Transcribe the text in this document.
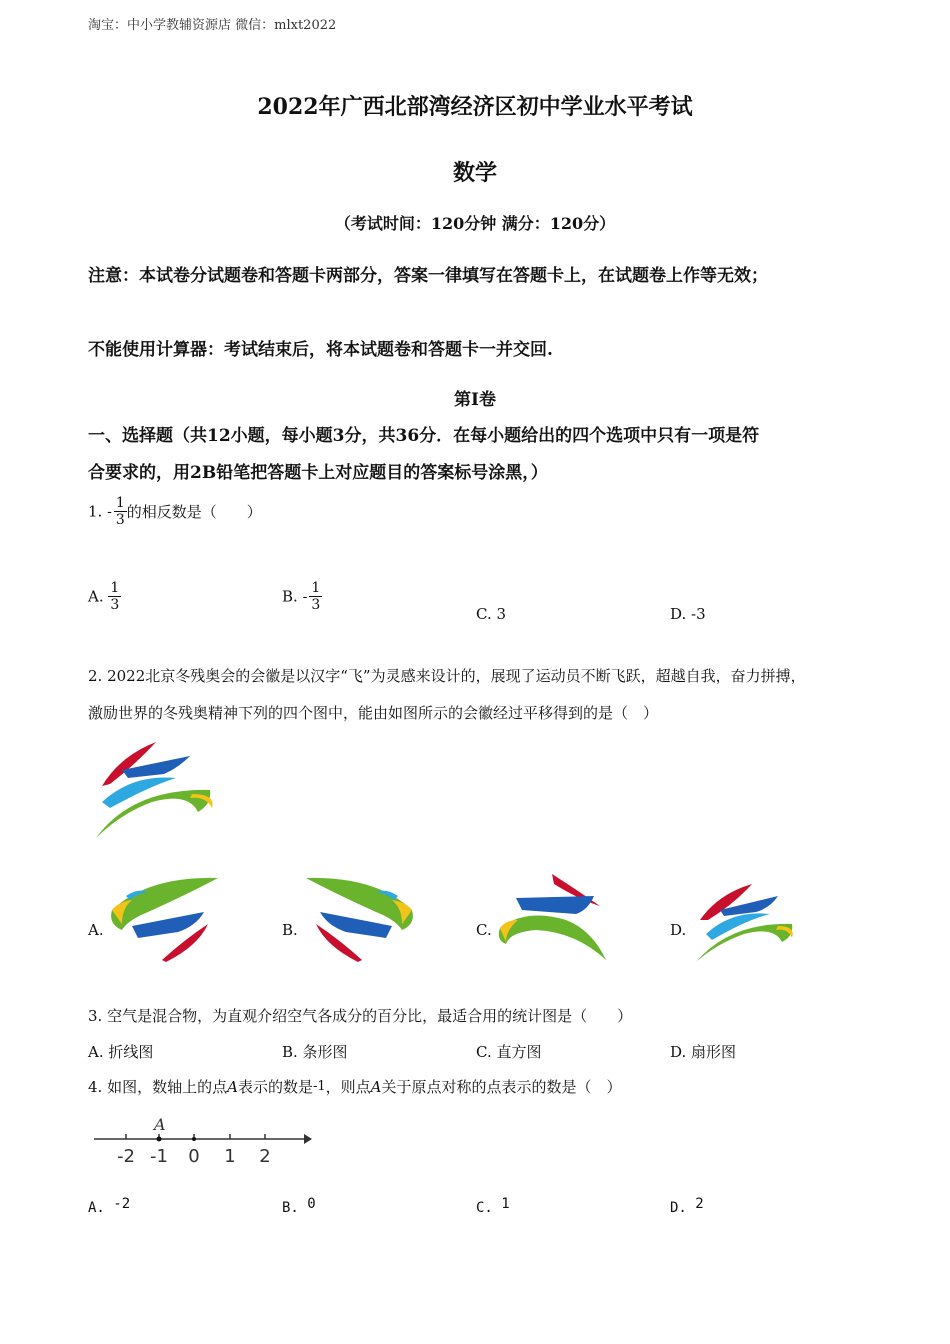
淘宝：中小学教辅资源店 微信：mlxt2022
2022年广西北部湾经济区初中学业水平考试
数学
（考试时间：120分钟 满分：120分）
注意：本试卷分试题卷和答题卡两部分，答案一律填写在答题卡上，在试题卷上作等无效；
不能使用计算器：考试结束后，将本试题卷和答题卡一并交回.
第Ⅰ卷
一、选择题（共12小题，每小题3分，共36分．在每小题给出的四个选项中只有一项是符
合要求的，用2B铅笔把答题卡上对应题目的答案标号涂黑，）
1. - $\frac{1}{3}$ 的相反数是（　　）
A. $\frac{1}{3}$	B. - $\frac{1}{3}$
C. 3	D. -3
2. 2022北京冬残奥会的会徽是以汉字“飞”为灵感来设计的，展现了运动员不断飞跃，超越自我，奋力拼搏，
激励世界的冬残奥精神下列的四个图中，能由如图所示的会徽经过平移得到的是（　）
A.	B.	C.	D.
3. 空气是混合物，为直观介绍空气各成分的百分比，最适合用的统计图是（　　）
A. 折线图	B. 条形图	C. 直方图	D. 扇形图
4. 如图，数轴上的点A表示的数是-1，则点A关于原点对称的点表示的数是（　）
A
-2 -1 0 1 2
A. -2	B. 0	C. 1	D. 2
